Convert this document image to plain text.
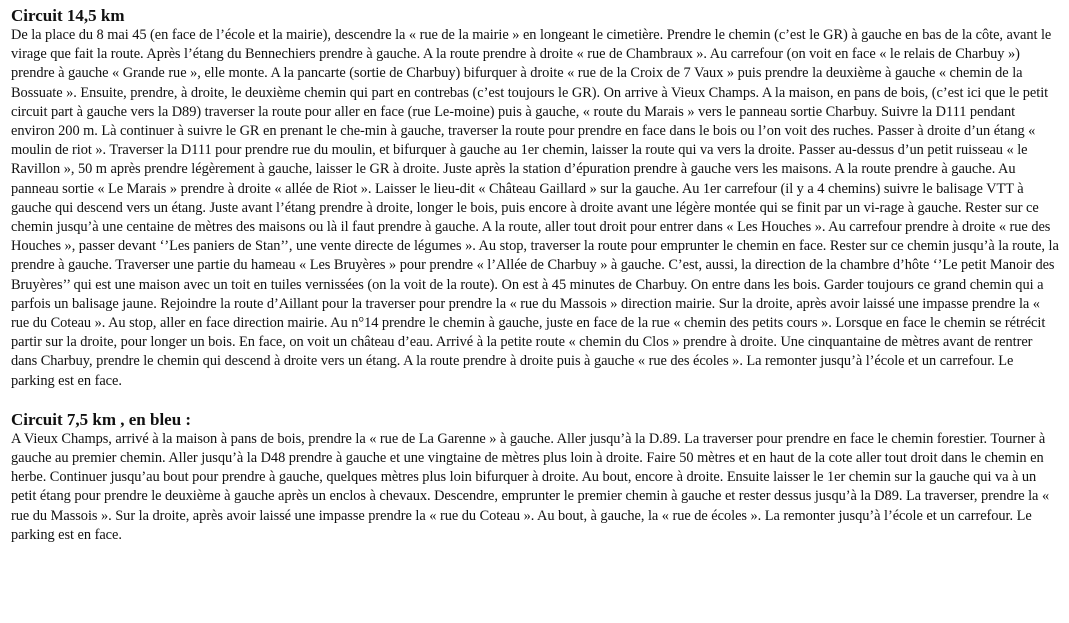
Circuit 14,5 km

De la place du 8 mai 45 (en face de l’école et la mairie), descendre la « rue de la mairie » en longeant le cimetière. Prendre le chemin (c’est le GR) à gauche en bas de la côte, avant le virage que fait la route. Après l’étang du Bennechiers prendre à gauche. A la route prendre à droite « rue de Chambraux ». Au carrefour (on voit en face « le relais de Charbuy ») prendre à gauche « Grande rue », elle monte. A la pancarte (sortie de Charbuy) bifurquer à droite « rue de la Croix de 7 Vaux » puis prendre la deuxième à gauche « chemin de la Bossuate ». Ensuite, prendre, à droite, le deuxième chemin qui part en contrebas (c’est toujours le GR). On arrive à Vieux Champs. A la maison, en pans de bois, (c’est ici que le petit circuit part à gauche vers la D89) traverser la route pour aller en face (rue Le-moine) puis à gauche, « route du Marais » vers le panneau sortie Charbuy. Suivre la D111 pendant environ 200 m. Là continuer à suivre le GR en prenant le che-min à gauche, traverser la route pour prendre en face dans le bois ou l’on voit des ruches. Passer à droite d’un étang « moulin de riot ». Traverser la D111 pour prendre rue du moulin, et bifurquer à gauche au 1er chemin, laisser la route qui va vers la droite. Passer au-dessus d’un petit ruisseau « le Ravillon », 50 m après prendre légèrement à gauche, laisser le GR à droite. Juste après la station d’épuration prendre à gauche vers les maisons. A la route prendre à gauche. Au panneau sortie « Le Marais » prendre à droite « allée de Riot ». Laisser le lieu-dit « Château Gaillard » sur la gauche. Au 1er carrefour (il y a 4 chemins) suivre le balisage VTT à gauche qui descend vers un étang. Juste avant l’étang prendre à droite, longer le bois, puis encore à droite avant une légère montée qui se finit par un vi-rage à gauche. Rester sur ce chemin jusqu’à une centaine de mètres des maisons ou là il faut prendre à gauche. A la route, aller tout droit pour entrer dans « Les Houches ». Au carrefour prendre à droite « rue des Houches », passer devant ‘’Les paniers de Stan’’, une vente directe de légumes ». Au stop, traverser la route pour emprunter le chemin en face. Rester sur ce chemin jusqu’à la route, la prendre à gauche. Traverser une partie du hameau « Les Bruyères » pour prendre « l’Allée de Charbuy » à gauche. C’est, aussi, la direction de la chambre d’hôte ‘’Le petit Manoir des Bruyères’’ qui est une maison avec un toit en tuiles vernissées (on la voit de la route). On est à 45 minutes de Charbuy. On entre dans les bois. Garder toujours ce grand chemin qui a parfois un balisage jaune. Rejoindre la route d’Aillant pour la traverser pour prendre la « rue du Massois » direction mairie. Sur la droite, après avoir laissé une impasse prendre la « rue du Coteau ». Au stop, aller en face direction mairie. Au n°14 prendre le chemin à gauche, juste en face de la rue « chemin des petits cours ». Lorsque en face le chemin se rétrécit partir sur la droite, pour longer un bois. En face, on voit un château d’eau. Arrivé à la petite route « chemin du Clos » prendre à droite. Une cinquantaine de mètres avant de rentrer dans Charbuy, prendre le chemin qui descend à droite vers un étang. A la route prendre à droite puis à gauche « rue des écoles ». La remonter jusqu’à l’école et un carrefour. Le parking est en face.

Circuit 7,5 km , en bleu :

A Vieux Champs, arrivé à la maison à pans de bois, prendre la « rue de La Garenne » à gauche. Aller jusqu’à la D.89. La traverser pour prendre en face le chemin forestier. Tourner à gauche au premier chemin. Aller jusqu’à la D48 prendre à gauche et une vingtaine de mètres plus loin à droite. Faire 50 mètres et en haut de la cote aller tout droit dans le chemin en herbe. Continuer jusqu’au bout pour prendre à gauche, quelques mètres plus loin bifurquer à droite. Au bout, encore à droite. Ensuite laisser le 1er chemin sur la gauche qui va à un petit étang pour prendre le deuxième à gauche après un enclos à chevaux. Descendre, emprunter le premier chemin à gauche et rester dessus jusqu’à la D89. La traverser, prendre la « rue du Massois ». Sur la droite, après avoir laissé une impasse prendre la « rue du Coteau ». Au bout, à gauche, la « rue de écoles ». La remonter jusqu’à l’école et un carrefour. Le parking est en face.
